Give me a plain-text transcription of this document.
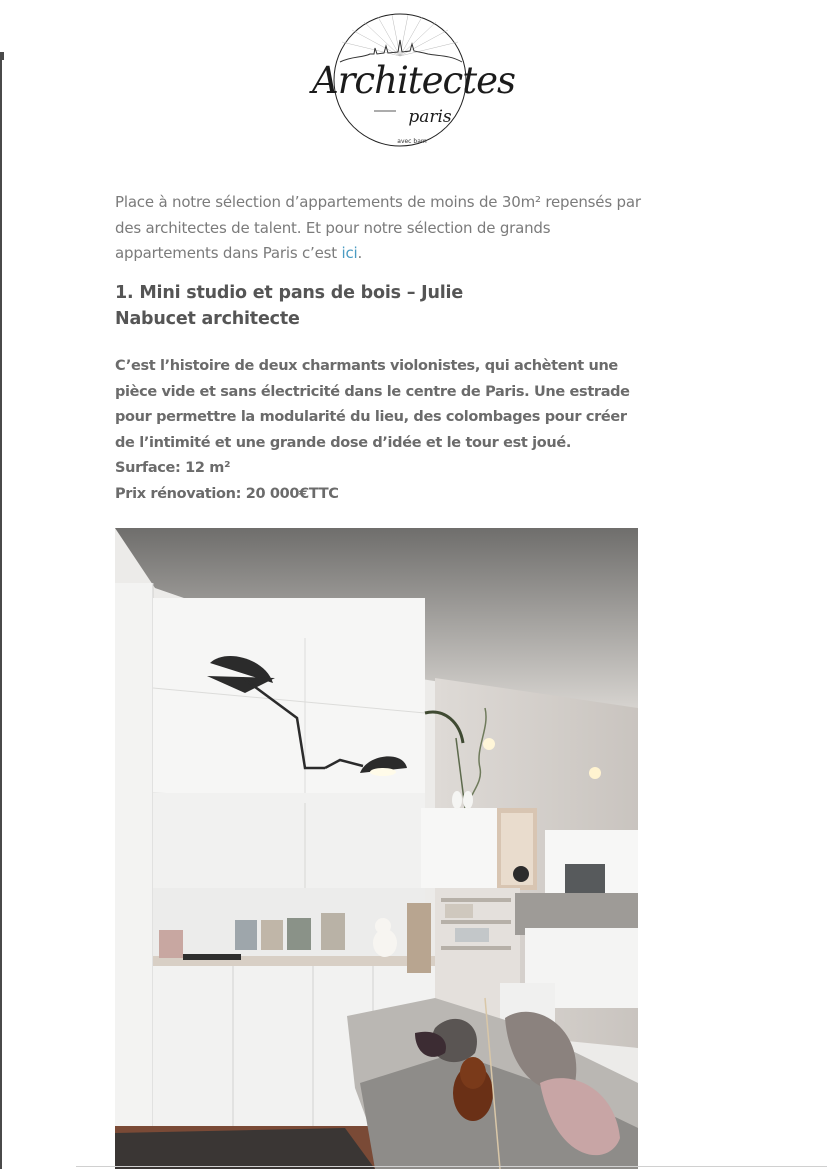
Architectes
paris
avec bam

Place à notre sélection d’appartements de moins de 30m² repensés par des architectes de talent. Et pour notre sélection de grands appartements dans Paris c’est ici.

1. Mini studio et pans de bois – Julie Nabucet architecte
C’est l’histoire de deux charmants violonistes, qui achètent une pièce vide et sans électricité dans le centre de Paris. Une estrade pour permettre la modularité du lieu, des colombages pour créer de l’intimité et une grande dose d’idée et le tour est joué.
Surface: 12 m²
Prix rénovation: 20 000€TTC
